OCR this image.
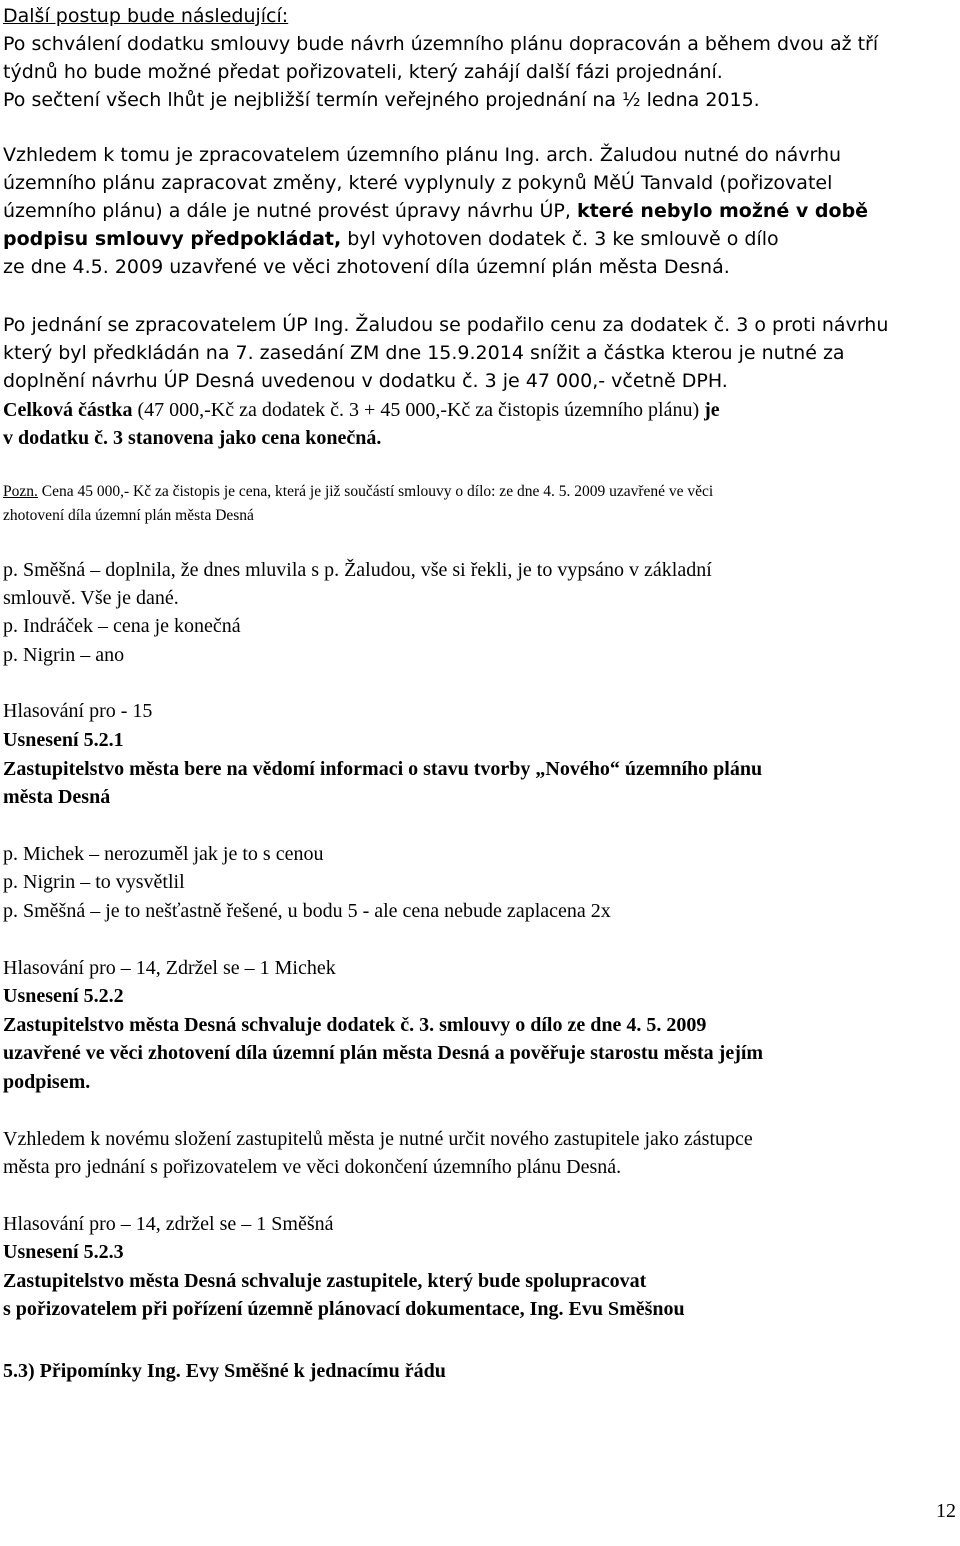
Další postup bude následující:
Po schválení dodatku smlouvy bude návrh územního plánu dopracován a během dvou až tří
týdnů ho bude možné předat pořizovateli, který zahájí další fázi projednání.
Po sečtení všech lhůt je nejbližší termín veřejného projednání na ½ ledna 2015.
Vzhledem k tomu je zpracovatelem územního plánu Ing. arch. Žaludou nutné do návrhu
územního plánu zapracovat změny, které vyplynuly z pokynů MěÚ Tanvald (pořizovatel
územního plánu) a dále je nutné provést úpravy návrhu ÚP, které nebylo možné v době
podpisu smlouvy předpokládat, byl vyhotoven dodatek č. 3 ke smlouvě o dílo
ze dne 4.5. 2009 uzavřené ve věci zhotovení díla územní plán města Desná.
Po jednání se zpracovatelem ÚP Ing. Žaludou se podařilo cenu za dodatek č. 3 o proti návrhu
který byl předkládán na 7. zasedání ZM dne 15.9.2014 snížit a částka kterou je nutné za
doplnění návrhu ÚP Desná uvedenou v dodatku č. 3 je 47 000,- včetně DPH.
Celková částka (47 000,-Kč za dodatek č. 3 + 45 000,-Kč za čistopis územního plánu) je
v dodatku č. 3 stanovena jako cena konečná.
Pozn. Cena 45 000,- Kč za čistopis je cena, která je již součástí smlouvy o dílo: ze dne 4. 5. 2009 uzavřené ve věci
zhotovení díla územní plán města Desná
p. Směšná – doplnila, že dnes mluvila s p. Žaludou, vše si řekli, je to vypsáno v základní
smlouvě. Vše je dané.
p. Indráček – cena je konečná
p. Nigrin – ano
Hlasování pro - 15
Usnesení 5.2.1
Zastupitelstvo města bere na vědomí informaci o stavu tvorby „Nového“ územního plánu
města Desná
p. Michek – nerozuměl jak je to s cenou
p. Nigrin – to vysvětlil
p. Směšná – je to nešťastně řešené, u bodu 5 - ale cena nebude zaplacena 2x
Hlasování pro – 14, Zdržel se – 1 Michek
Usnesení 5.2.2
Zastupitelstvo města Desná schvaluje dodatek č. 3. smlouvy o dílo ze dne 4. 5. 2009
uzavřené ve věci zhotovení díla územní plán města Desná a pověřuje starostu města jejím
podpisem.
Vzhledem k novému složení zastupitelů města je nutné určit nového zastupitele jako zástupce
města pro jednání s pořizovatelem ve věci dokončení územního plánu Desná.
Hlasování pro – 14, zdržel se – 1 Směšná
Usnesení 5.2.3
Zastupitelstvo města Desná schvaluje zastupitele, který bude spolupracovat
s pořizovatelem při pořízení územně plánovací dokumentace, Ing. Evu Směšnou
5.3) Připomínky Ing. Evy Směšné k jednacímu řádu
12
